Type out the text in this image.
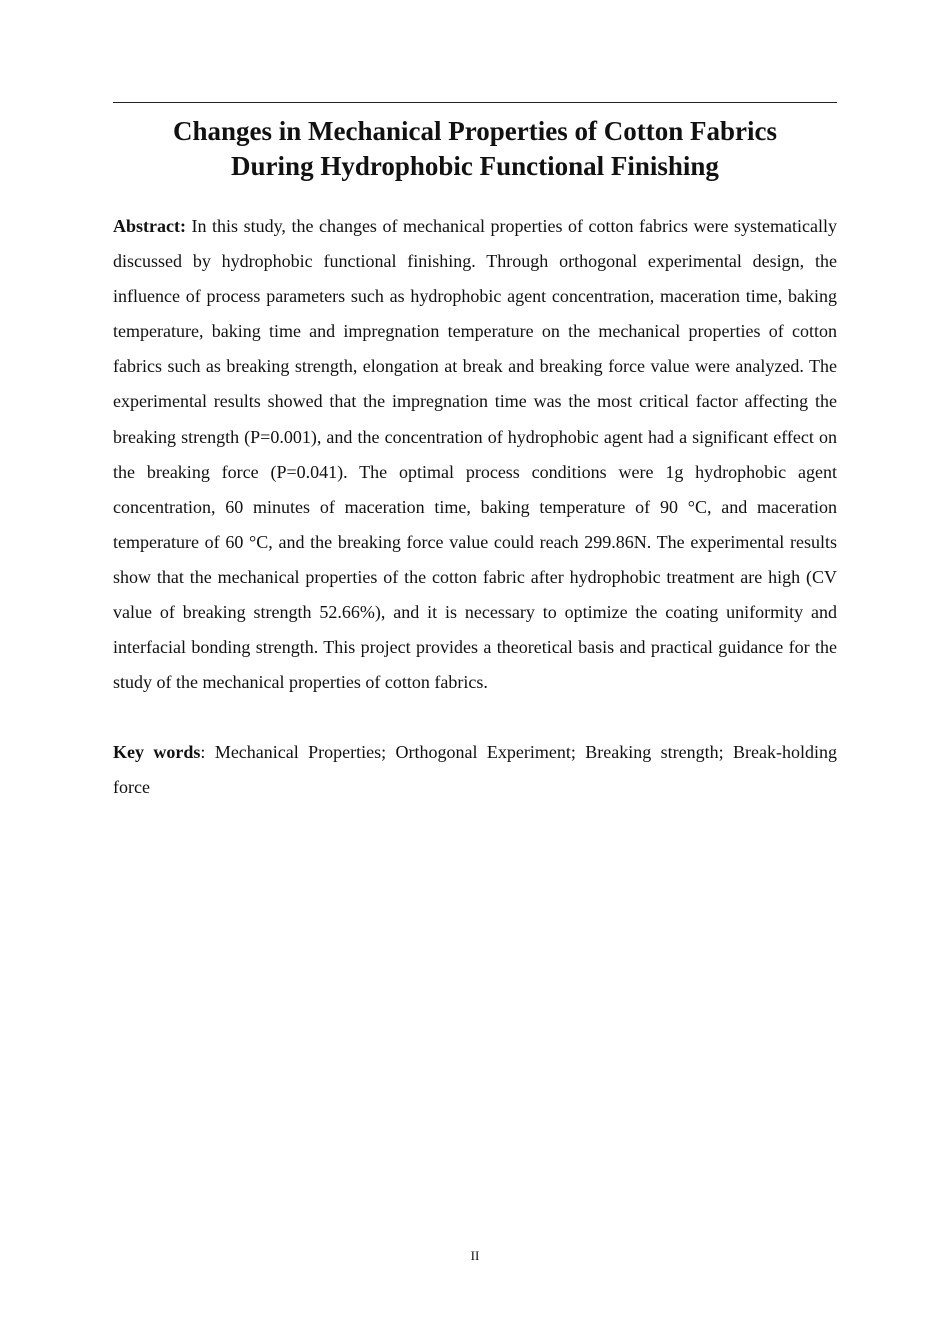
Changes in Mechanical Properties of Cotton Fabrics
During Hydrophobic Functional Finishing

Abstract: In this study, the changes of mechanical properties of cotton fabrics were systematically discussed by hydrophobic functional finishing. Through orthogonal experimental design, the influence of process parameters such as hydrophobic agent concentration, maceration time, baking temperature, baking time and impregnation temperature on the mechanical properties of cotton fabrics such as breaking strength, elongation at break and breaking force value were analyzed. The experimental results showed that the impregnation time was the most critical factor affecting the breaking strength (P=0.001), and the concentration of hydrophobic agent had a significant effect on the breaking force (P=0.041). The optimal process conditions were 1g hydrophobic agent concentration, 60 minutes of maceration time, baking temperature of 90 °C, and maceration temperature of 60 °C, and the breaking force value could reach 299.86N. The experimental results show that the mechanical properties of the cotton fabric after hydrophobic treatment are high (CV value of breaking strength 52.66%), and it is necessary to optimize the coating uniformity and interfacial bonding strength. This project provides a theoretical basis and practical guidance for the study of the mechanical properties of cotton fabrics.

Key words: Mechanical Properties; Orthogonal Experiment; Breaking strength; Break-holding force

II
